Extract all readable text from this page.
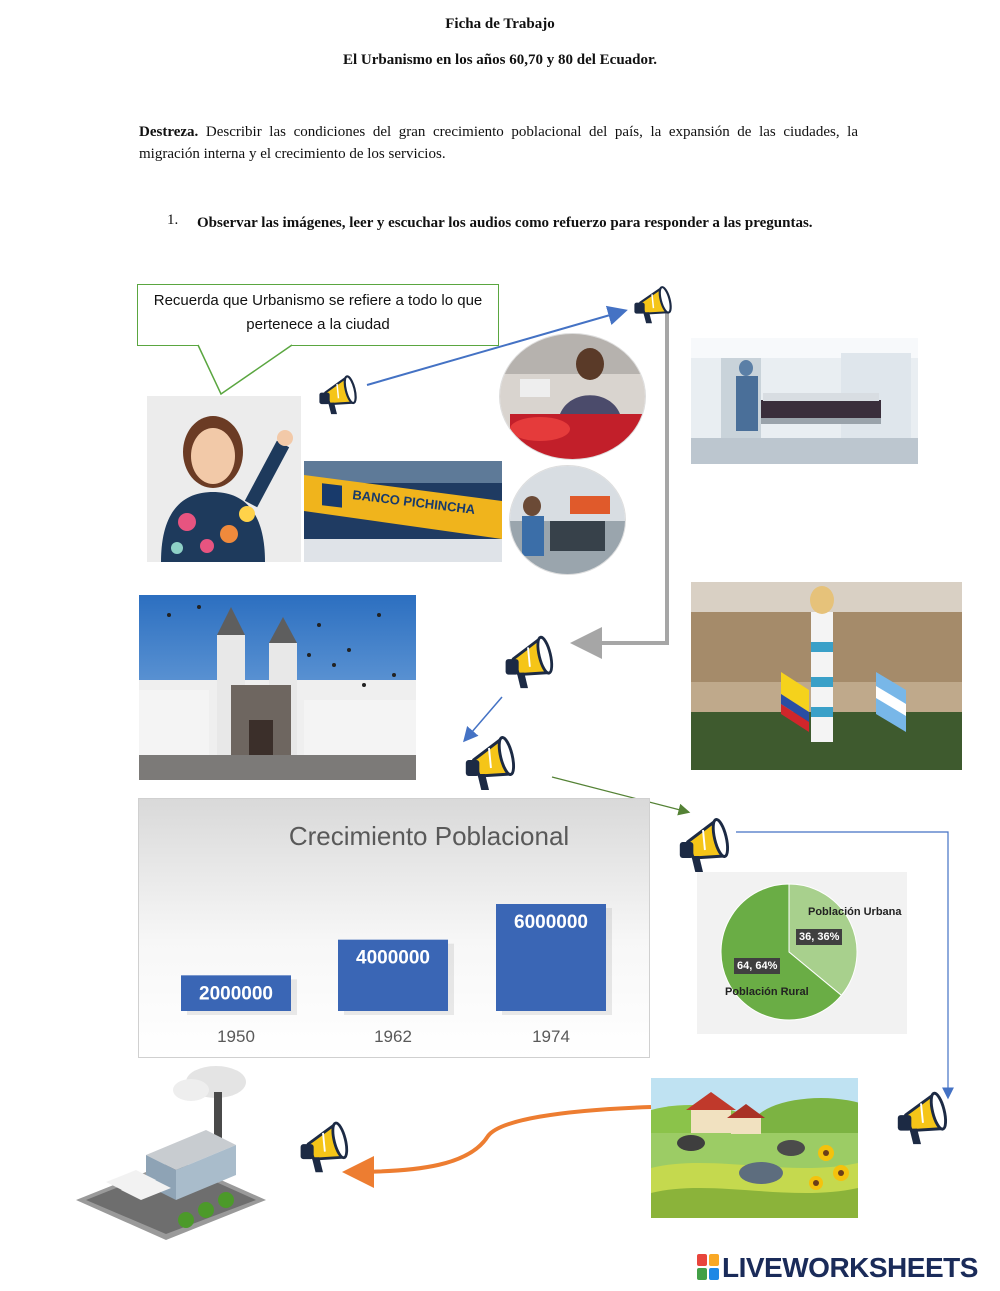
Ficha de Trabajo
El Urbanismo en los años 60,70 y 80 del Ecuador.
Destreza. Describir las condiciones del gran crecimiento poblacional del país, la expansión de las ciudades, la migración interna y el crecimiento de los servicios.
1.	Observar las imágenes, leer y escuchar los audios como refuerzo para responder a las preguntas.
Recuerda que Urbanismo se refiere a todo lo que pertenece a la ciudad
BANCO PICHINCHA
Crecimiento Poblacional
2000000
1950
4000000
1962
6000000
1974
Población Urbana
36, 36%
64, 64%
Población Rural
LIVEWORKSHEETS
